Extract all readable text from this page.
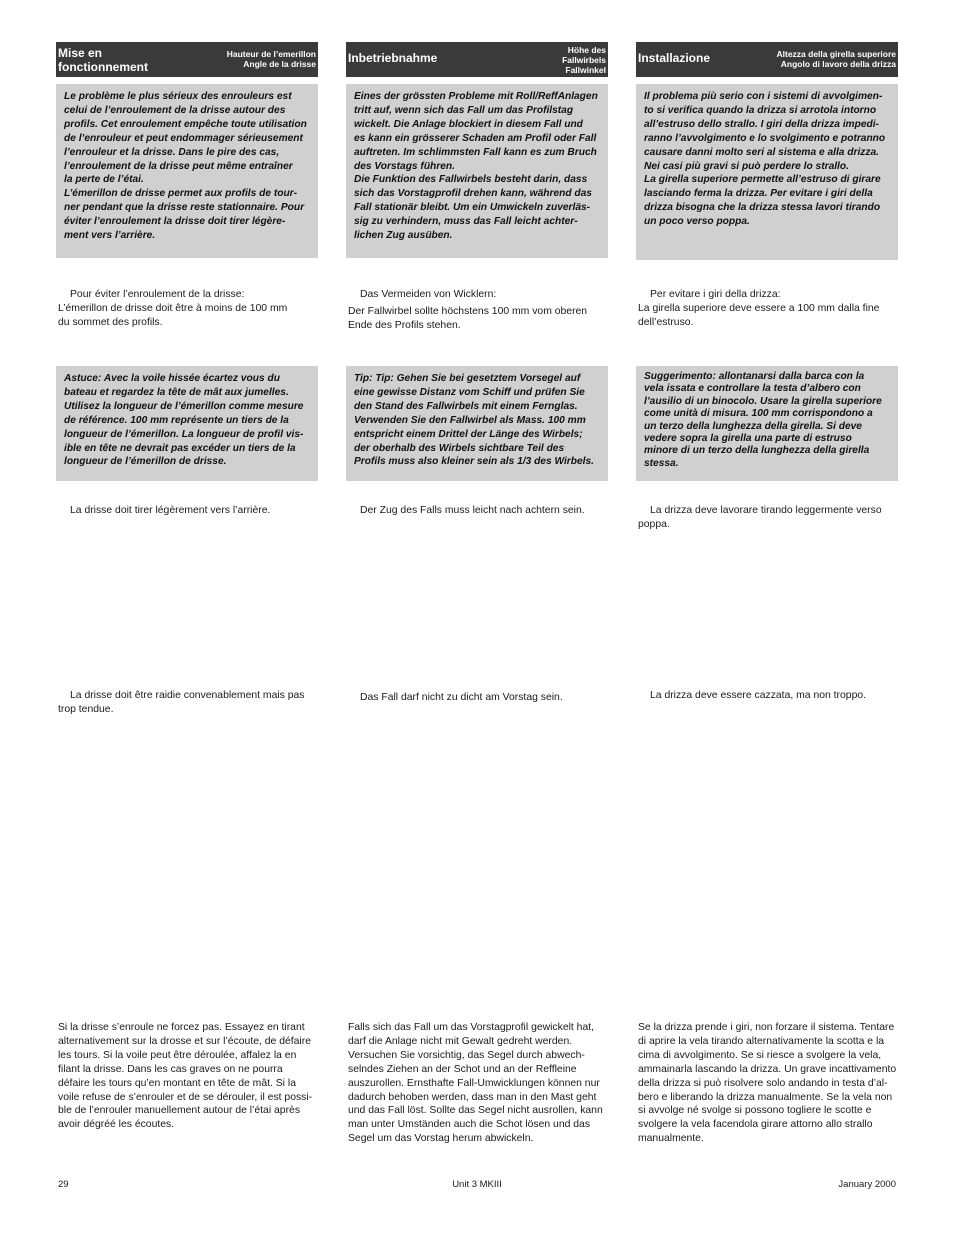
Mise en
fonctionnement
Hauteur de l’emerillon
Angle de la drisse

Le problème le plus sérieux des enrouleurs est
celui de l’enroulement de la drisse autour des
profils. Cet enroulement empêche toute utilisation
de l’enrouleur et peut endommager sérieusement
l’enrouleur et la drisse. Dans le pire des cas,
l’enroulement de la drisse peut même entraîner
la perte de l’étai.

L’émerillon de drisse permet aux profils de tour-
ner pendant que la drisse reste stationnaire. Pour
éviter l’enroulement la drisse doit tirer légère-
ment vers l’arrière.

Pour éviter l’enroulement de la drisse:
L’émerillon de drisse doit être à moins de 100 mm
du sommet des profils.

Astuce: Avec la voile hissée écartez vous du
bateau et regardez la tête de mât aux jumelles.
Utilisez la longueur de l’émerillon comme mesure
de référence. 100 mm représente un tiers de la
longueur de l’émerillon. La longueur de profil vis-
ible en tête ne devrait pas excéder un tiers de la
longueur de l’émerillon de drisse.

La drisse doit tirer légèrement vers l’arrière.
La drisse doit être raidie convenablement mais pas
trop tendue.
Si la drisse s’enroule ne forcez pas. Essayez en tirant
alternativement sur la drosse et sur l’écoute, de défaire
les tours. Si la voile peut être déroulée, affalez la en
filant la drisse. Dans les cas graves on ne pourra
défaire les tours qu’en montant en tête de mât. Si la
voile refuse de s’enrouler et de se dérouler, il est possi-
ble de l’enrouler manuellement autour de l’étai après
avoir dégréé les écoutes.
Inbetriebnahme
Höhe des
Fallwirbels
Fallwinkel

Eines der grössten Probleme mit Roll/ReffAnlagen
tritt auf, wenn sich das Fall um das Profilstag
wickelt. Die Anlage blockiert in diesem Fall und
es kann ein grösserer Schaden am Profil oder Fall
auftreten. Im schlimmsten Fall kann es zum Bruch
des Vorstags führen.

Die Funktion des Fallwirbels besteht darin, dass
sich das Vorstagprofil drehen kann, während das
Fall stationär bleibt. Um ein Umwickeln zuverläs-
sig zu verhindern, muss das Fall leicht achter-
lichen Zug ausüben.

Das Vermeiden von Wicklern:
Der Fallwirbel sollte höchstens 100 mm vom oberen
Ende des Profils stehen.

Tip: Tip: Gehen Sie bei gesetztem Vorsegel auf
eine gewisse Distanz vom Schiff und prüfen Sie
den Stand des Fallwirbels mit einem Fernglas.
Verwenden Sie den Fallwirbel als Mass. 100 mm
entspricht einem Drittel der Länge des Wirbels;
der oberhalb des Wirbels sichtbare Teil des
Profils muss also kleiner sein als 1/3 des Wirbels.

Der Zug des Falls muss leicht nach achtern sein.
Das Fall darf nicht zu dicht am Vorstag sein.
Falls sich das Fall um das Vorstagprofil gewickelt hat,
darf die Anlage nicht mit Gewalt gedreht werden.
Versuchen Sie vorsichtig, das Segel durch abwech-
selndes Ziehen an der Schot und an der Reffleine
auszurollen. Ernsthafte Fall-Umwicklungen können nur
dadurch behoben werden, dass man in den Mast geht
und das Fall löst. Sollte das Segel nicht ausrollen, kann
man unter Umständen auch die Schot lösen und das
Segel um das Vorstag herum abwickeln.
Installazione	Altezza della girella superiore
Angolo di lavoro della drizza

Il problema più serio con i sistemi di avvolgimen-
to si verifica quando la drizza si arrotola intorno
all’estruso dello strallo. I giri della drizza impedi-
ranno l’avvolgimento e lo svolgimento e potranno
causare danni molto seri al sistema e alla drizza.
Nei casi più gravi si può perdere lo strallo.

La girella superiore permette all’estruso di girare
lasciando ferma la drizza. Per evitare i giri della
drizza bisogna che la drizza stessa lavori tirando
un poco verso poppa.

Per evitare i giri della drizza:
La girella superiore deve essere a 100 mm dalla fine
dell’estruso.

Suggerimento: allontanarsi dalla barca con la
vela issata e controllare la testa d’albero con
l’ausilio di un binocolo. Usare la girella superiore
come unità di misura. 100 mm corrispondono a
un terzo della lunghezza della girella. Si deve
vedere sopra la girella una parte di estruso
minore di un terzo della lunghezza della girella
stessa.

La drizza deve lavorare tirando leggermente verso
poppa.
La drizza deve essere cazzata, ma non troppo.
Se la drizza prende i giri, non forzare il sistema. Tentare
di aprire la vela tirando alternativamente la scotta e la
cima di avvolgimento. Se si riesce a svolgere la vela,
ammainarla lascando la drizza. Un grave incattivamento
della drizza si può risolvere solo andando in testa d’al-
bero e liberando la drizza manualmente. Se la vela non
si avvolge né svolge si possono togliere le scotte e
svolgere la vela facendola girare attorno allo strallo
manualmente.
29	Unit 3 MKIII	January 2000
